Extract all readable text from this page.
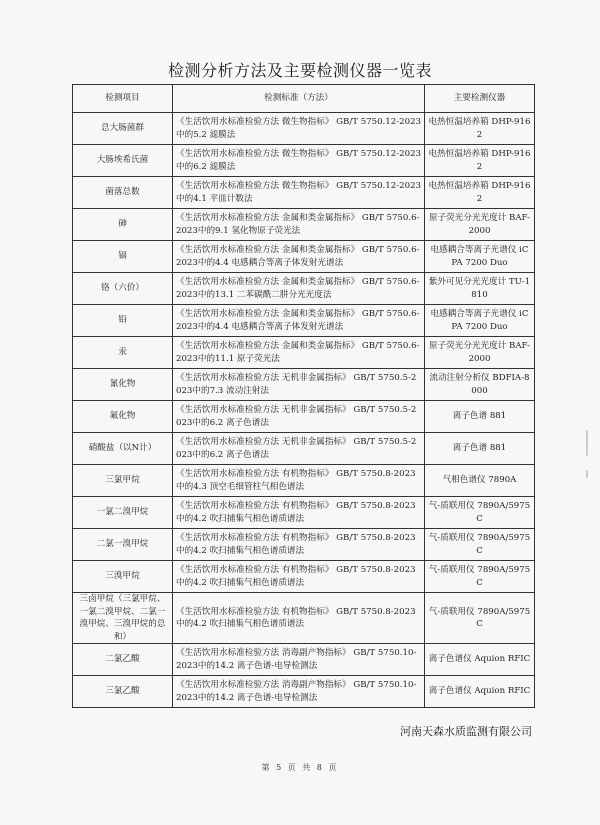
检测分析方法及主要检测仪器一览表
检测项目	检测标准（方法）	主要检测仪器
总大肠菌群	《生活饮用水标准检验方法 微生物指标》 GB/T 5750.12-2023中的5.2 滤膜法	电热恒温培养箱 DHP-9162
大肠埃希氏菌	《生活饮用水标准检验方法 微生物指标》 GB/T 5750.12-2023中的6.2 滤膜法	电热恒温培养箱 DHP-9162
菌落总数	《生活饮用水标准检验方法 微生物指标》 GB/T 5750.12-2023中的4.1 平皿计数法	电热恒温培养箱 DHP-9162
砷	《生活饮用水标准检验方法 金属和类金属指标》 GB/T 5750.6-2023中的9.1 氢化物原子荧光法	原子荧光分光光度计 BAF-2000
镉	《生活饮用水标准检验方法 金属和类金属指标》 GB/T 5750.6-2023中的4.4 电感耦合等离子体发射光谱法	电感耦合等离子光谱仪 iCPA 7200 Duo
铬（六价）	《生活饮用水标准检验方法 金属和类金属指标》 GB/T 5750.6-2023中的13.1 二苯碳酰二肼分光光度法	紫外可见分光光度计 TU-1810
铅	《生活饮用水标准检验方法 金属和类金属指标》 GB/T 5750.6-2023中的4.4 电感耦合等离子体发射光谱法	电感耦合等离子光谱仪 iCPA 7200 Duo
汞	《生活饮用水标准检验方法 金属和类金属指标》 GB/T 5750.6-2023中的11.1 原子荧光法	原子荧光分光光度计 BAF-2000
氰化物	《生活饮用水标准检验方法 无机非金属指标》 GB/T 5750.5-2023中的7.3 流动注射法	流动注射分析仪 BDFIA-8000
氟化物	《生活饮用水标准检验方法 无机非金属指标》 GB/T 5750.5-2023中的6.2 离子色谱法	离子色谱 881
硝酸盐（以N计）	《生活饮用水标准检验方法 无机非金属指标》 GB/T 5750.5-2023中的6.2 离子色谱法	离子色谱 881
三氯甲烷	《生活饮用水标准检验方法 有机物指标》 GB/T 5750.8-2023中的4.3 顶空毛细管柱气相色谱法	气相色谱仪 7890A
一氯二溴甲烷	《生活饮用水标准检验方法 有机物指标》 GB/T 5750.8-2023中的4.2 吹扫捕集气相色谱质谱法	气-质联用仪 7890A/5975C
二氯一溴甲烷	《生活饮用水标准检验方法 有机物指标》 GB/T 5750.8-2023中的4.2 吹扫捕集气相色谱质谱法	气-质联用仪 7890A/5975C
三溴甲烷	《生活饮用水标准检验方法 有机物指标》 GB/T 5750.8-2023中的4.2 吹扫捕集气相色谱质谱法	气-质联用仪 7890A/5975C
三卤甲烷（三氯甲烷、一氯二溴甲烷、二氯一溴甲烷、三溴甲烷的总和）	《生活饮用水标准检验方法 有机物指标》 GB/T 5750.8-2023中的4.2 吹扫捕集气相色谱质谱法	气-质联用仪 7890A/5975C
二氯乙酸	《生活饮用水标准检验方法 消毒副产物指标》 GB/T 5750.10-2023中的14.2 离子色谱-电导检测法	离子色谱仪 Aquion RFIC
三氯乙酸	《生活饮用水标准检验方法 消毒副产物指标》 GB/T 5750.10-2023中的14.2 离子色谱-电导检测法	离子色谱仪 Aquion RFIC
河南天森水质监测有限公司
第 5 页 共 8 页
